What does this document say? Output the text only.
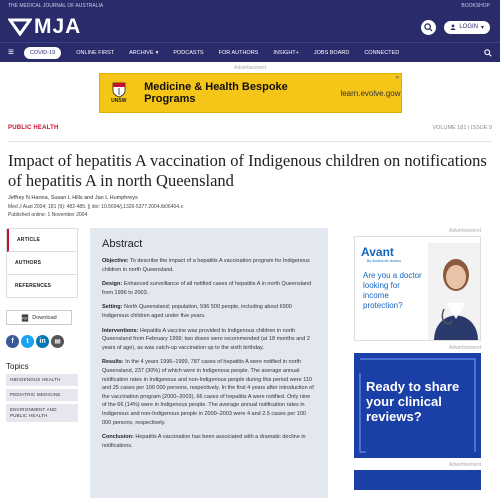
THE MEDICAL JOURNAL OF AUSTRALIA	BOOKSHOP
MJA	LOGIN ▾
≡	COVID-19	ONLINE FIRST	ARCHIVE ▾	PODCASTS	FOR AUTHORS	INSIGHT+	JOBS BOARD	CONNECTED
Advertisement
UNSW
Medicine & Health Bespoke Programs	learn.evolve.gow
✕
PUBLIC HEALTH	VOLUME 181 | ISSUE 9
Impact of hepatitis A vaccination of Indigenous children on notifications of hepatitis A in north Queensland
Jeffrey N Hanna, Susan L Hills and Jan L Humphreys
Med J Aust 2004; 181 (9): 482-485. || doi: 10.5694/j.1326-5377.2004.tb06404.x
Published online: 1 November 2004
ARTICLE
AUTHORS
REFERENCES
PDF Download
f	t	in	✉
Topics
INDIGENOUS HEALTH
PEDIATRIC MEDICINE
ENVIRONMENT AND PUBLIC HEALTH
Abstract

Objective: To describe the impact of a hepatitis A vaccination program for Indigenous children in north Queensland.

Design: Enhanced surveillance of all notified cases of hepatitis A in north Queensland from 1996 to 2003.

Setting: North Queensland; population, 596 500 people, including about 6900 Indigenous children aged under five years.

Interventions: Hepatitis A vaccine was provided to Indigenous children in north Queensland from February 1999; two doses were recommended (at 18 months and 2 years of age), as was catch-up vaccination up to the sixth birthday.

Results: In the 4 years 1996–1999, 787 cases of hepatitis A were notified in north Queensland, 237 (30%) of which were in Indigenous people. The average annual notification rates in Indigenous and non-Indigenous people during this period were 110 and 25 cases per 100 000 persons, respectively. In the first 4 years after introduction of the vaccination program (2000–2003), 66 cases of hepatitis A were notified. Only nine of the 66 (14%) were in Indigenous people. The average annual notification rates in Indigenous and non-Indigenous people in 2000–2003 were 4 and 2.5 cases per 100 000 persons, respectively.

Conclusion: Hepatitis A vaccination has been associated with a dramatic decline in notifications.

Advertisement
Avant
By doctors for doctors
Are you a doctor looking for income protection?
Advertisement
Ready to share your clinical reviews?
Advertisement
